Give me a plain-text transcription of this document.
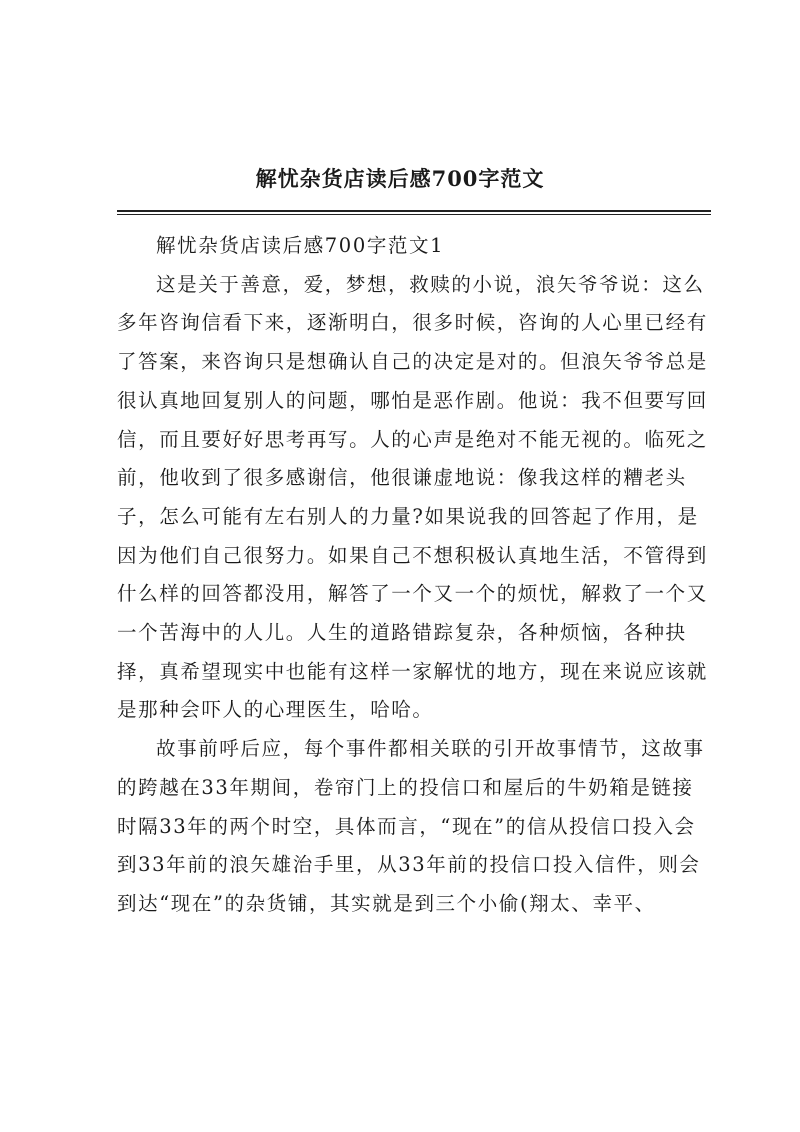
解忧杂货店读后感700字范文

解忧杂货店读后感700字范文1

这是关于善意，爱，梦想，救赎的小说，浪矢爷爷说：这么多年咨询信看下来，逐渐明白，很多时候，咨询的人心里已经有了答案，来咨询只是想确认自己的决定是对的。但浪矢爷爷总是很认真地回复别人的问题，哪怕是恶作剧。他说：我不但要写回信，而且要好好思考再写。人的心声是绝对不能无视的。临死之前，他收到了很多感谢信，他很谦虚地说：像我这样的糟老头子，怎么可能有左右别人的力量?如果说我的回答起了作用，是因为他们自己很努力。如果自己不想积极认真地生活，不管得到什么样的回答都没用，解答了一个又一个的烦忧，解救了一个又一个苦海中的人儿。人生的道路错踪复杂，各种烦恼，各种抉择，真希望现实中也能有这样一家解忧的地方，现在来说应该就是那种会吓人的心理医生，哈哈。

故事前呼后应，每个事件都相关联的引开故事情节，这故事的跨越在33年期间，卷帘门上的投信口和屋后的牛奶箱是链接时隔33年的两个时空，具体而言，“现在”的信从投信口投入会到33年前的浪矢雄治手里，从33年前的投信口投入信件，则会到达“现在”的杂货铺，其实就是到三个小偷(翔太、幸平、
